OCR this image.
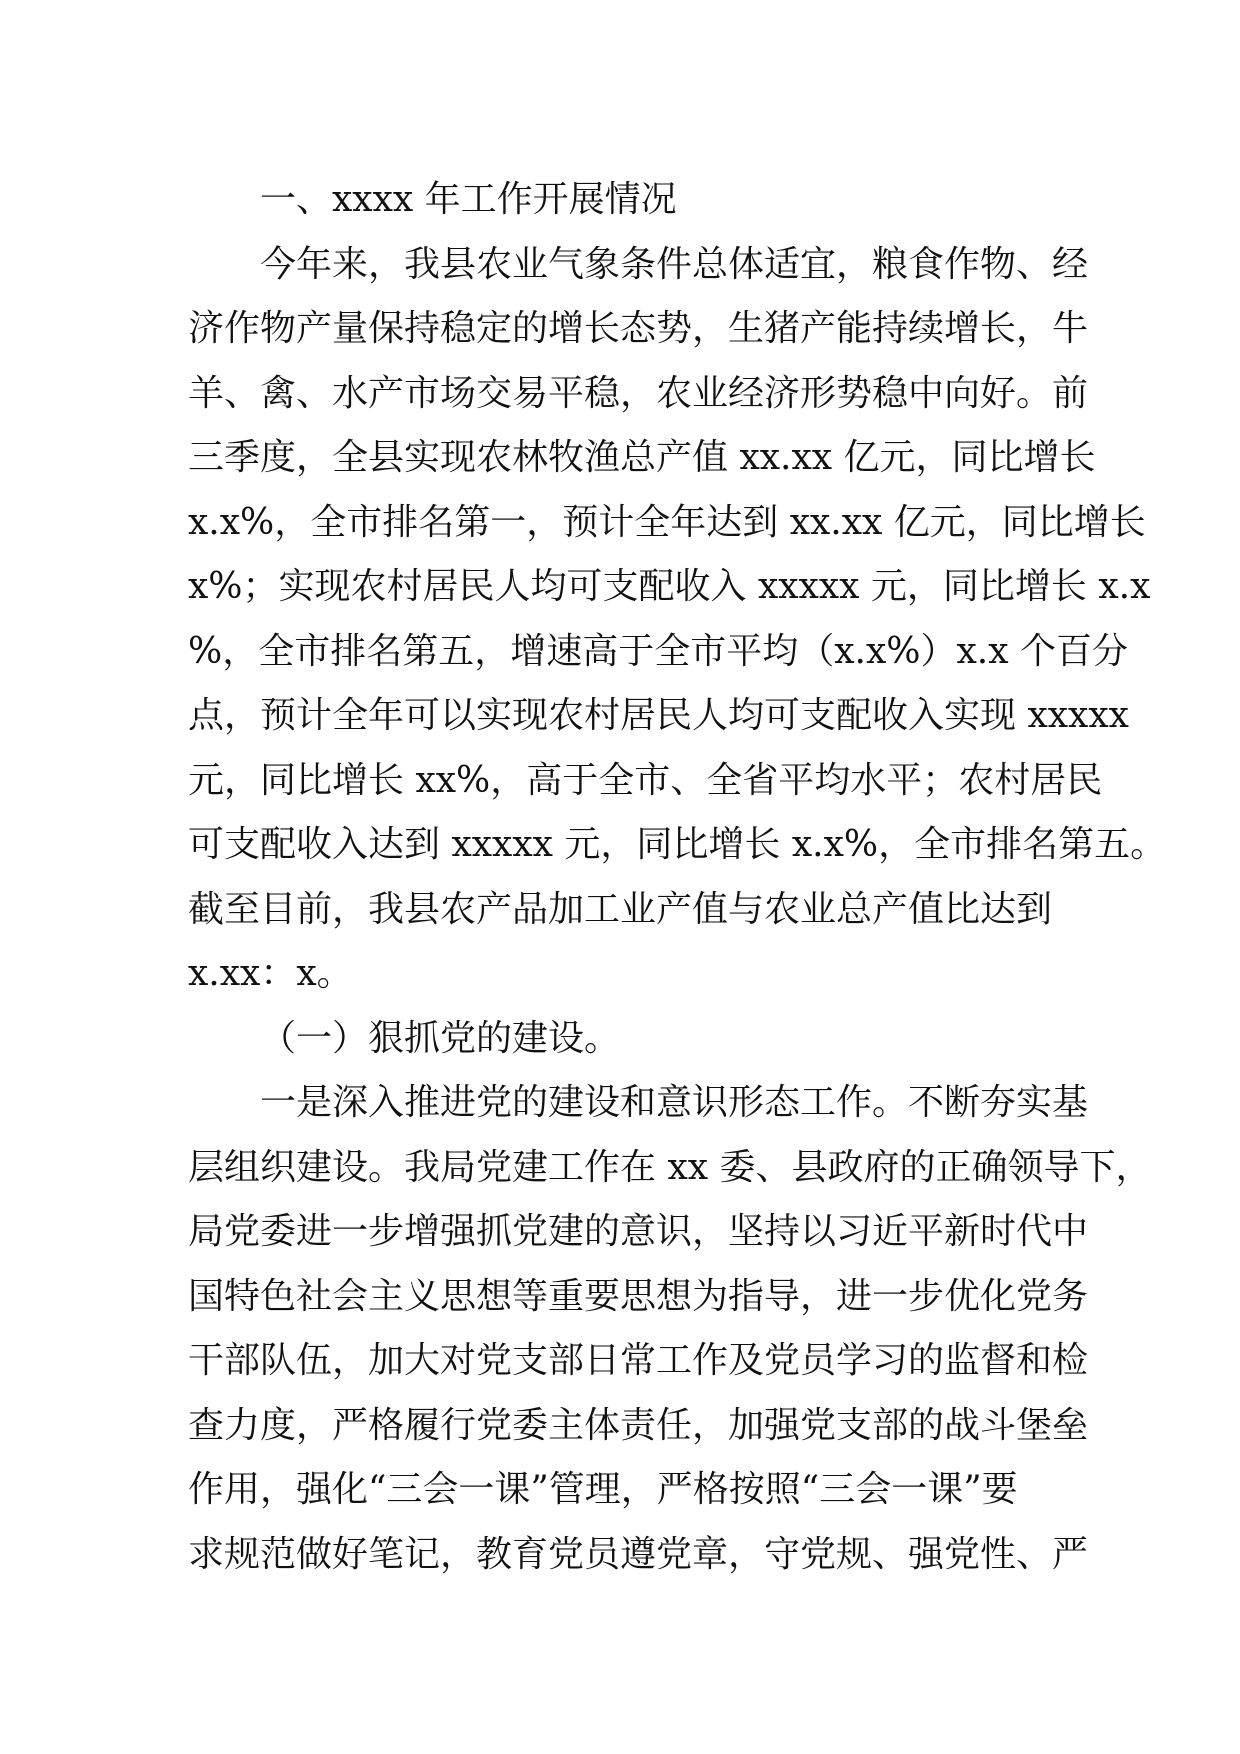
一、xxxx 年工作开展情况

今年来，我县农业气象条件总体适宜，粮食作物、经
济作物产量保持稳定的增长态势，生猪产能持续增长，牛
羊、禽、水产市场交易平稳，农业经济形势稳中向好。前
三季度，全县实现农林牧渔总产值 xx.xx 亿元，同比增长
x.x%，全市排名第一，预计全年达到 xx.xx 亿元，同比增长
x%；实现农村居民人均可支配收入 xxxxx 元，同比增长 x.x
%，全市排名第五，增速高于全市平均（x.x%）x.x 个百分
点，预计全年可以实现农村居民人均可支配收入实现 xxxxx
元，同比增长 xx%，高于全市、全省平均水平；农村居民
可支配收入达到 xxxxx 元，同比增长 x.x%，全市排名第五。
截至目前，我县农产品加工业产值与农业总产值比达到
x.xx：x。

（一）狠抓党的建设。

一是深入推进党的建设和意识形态工作。不断夯实基
层组织建设。我局党建工作在 xx 委、县政府的正确领导下，
局党委进一步增强抓党建的意识，坚持以习近平新时代中
国特色社会主义思想等重要思想为指导，进一步优化党务
干部队伍，加大对党支部日常工作及党员学习的监督和检
查力度，严格履行党委主体责任，加强党支部的战斗堡垒
作用，强化“三会一课”管理，严格按照“三会一课”要
求规范做好笔记，教育党员遵党章，守党规、强党性、严
